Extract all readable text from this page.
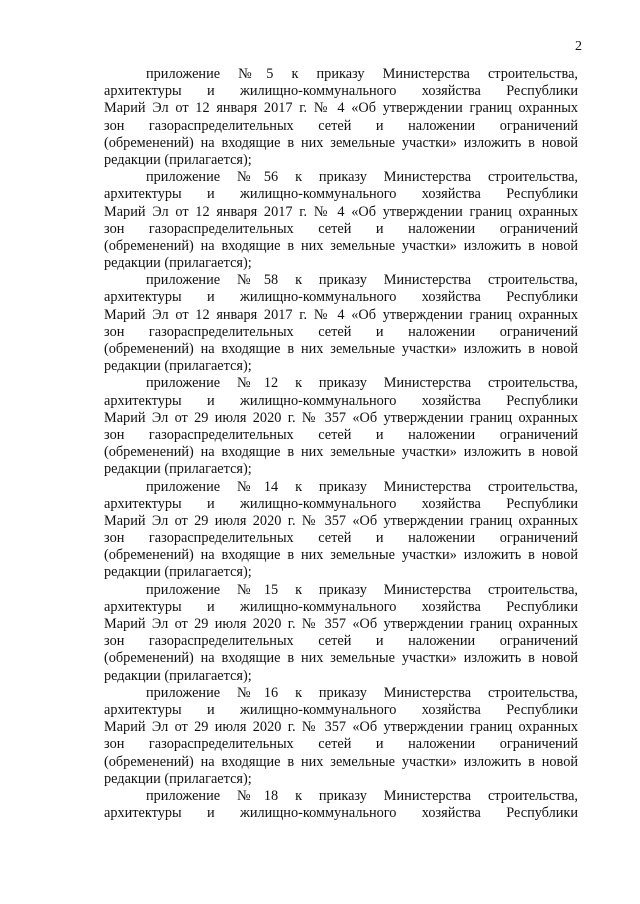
2
приложение №5 к приказу Министерства строительства,
архитектуры и жилищно-коммунального хозяйства Республики
Марий Эл от 12 января 2017 г. № 4 «Об утверждении границ охранных
зон газораспределительных сетей и наложении ограничений
(обременений) на входящие в них земельные участки» изложить в новой
редакции (прилагается);
приложение №56 к приказу Министерства строительства,
архитектуры и жилищно-коммунального хозяйства Республики
Марий Эл от 12 января 2017 г. № 4 «Об утверждении границ охранных
зон газораспределительных сетей и наложении ограничений
(обременений) на входящие в них земельные участки» изложить в новой
редакции (прилагается);
приложение №58 к приказу Министерства строительства,
архитектуры и жилищно-коммунального хозяйства Республики
Марий Эл от 12 января 2017 г. № 4 «Об утверждении границ охранных
зон газораспределительных сетей и наложении ограничений
(обременений) на входящие в них земельные участки» изложить в новой
редакции (прилагается);
приложение №12 к приказу Министерства строительства,
архитектуры и жилищно-коммунального хозяйства Республики
Марий Эл от 29 июля 2020 г. № 357 «Об утверждении границ охранных
зон газораспределительных сетей и наложении ограничений
(обременений) на входящие в них земельные участки» изложить в новой
редакции (прилагается);
приложение №14 к приказу Министерства строительства,
архитектуры и жилищно-коммунального хозяйства Республики
Марий Эл от 29 июля 2020 г. № 357 «Об утверждении границ охранных
зон газораспределительных сетей и наложении ограничений
(обременений) на входящие в них земельные участки» изложить в новой
редакции (прилагается);
приложение №15 к приказу Министерства строительства,
архитектуры и жилищно-коммунального хозяйства Республики
Марий Эл от 29 июля 2020 г. № 357 «Об утверждении границ охранных
зон газораспределительных сетей и наложении ограничений
(обременений) на входящие в них земельные участки» изложить в новой
редакции (прилагается);
приложение №16 к приказу Министерства строительства,
архитектуры и жилищно-коммунального хозяйства Республики
Марий Эл от 29 июля 2020 г. № 357 «Об утверждении границ охранных
зон газораспределительных сетей и наложении ограничений
(обременений) на входящие в них земельные участки» изложить в новой
редакции (прилагается);
приложение №18 к приказу Министерства строительства,
архитектуры и жилищно-коммунального хозяйства Республики
